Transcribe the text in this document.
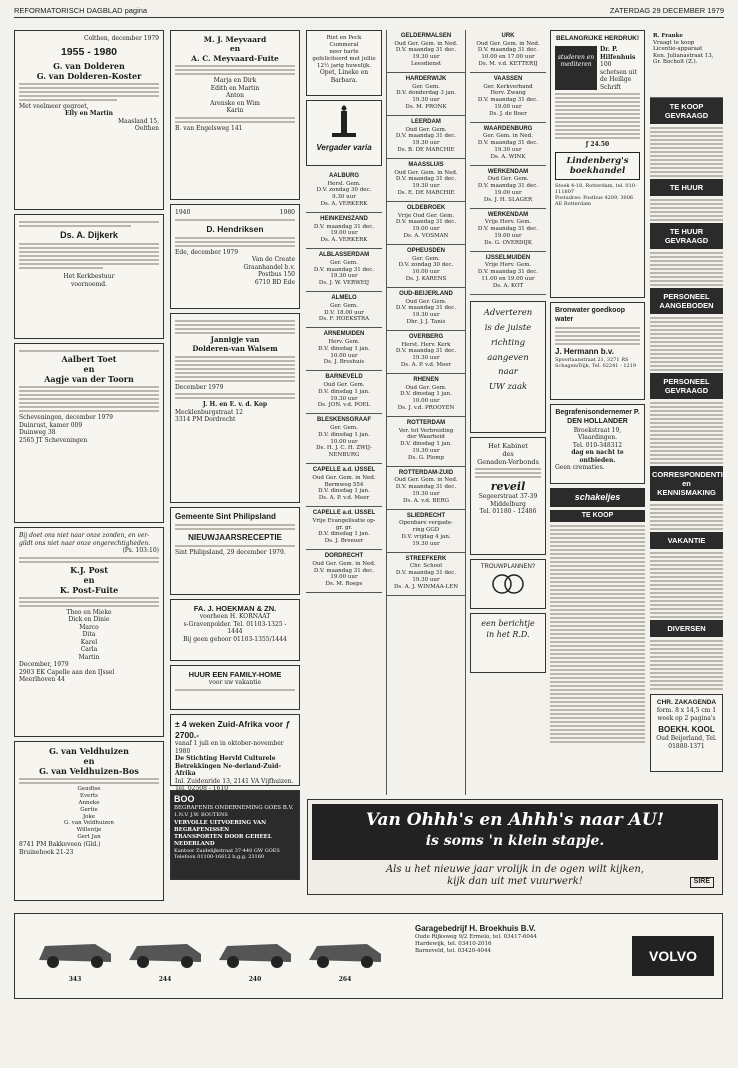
REFORMATORISCH DAGBLAD pagina	ZATERDAG 29 DECEMBER 1979
Colthen, december 1979
1955 - 1980
G. van Dolderen
G. van Dolderen-Koster
Met veelmeer gegroet,
Elly en Martin
Maasland 15,
Oolthen
Ds. A. Dijkerk
Het Kerkbestuur
voornoemd.
Aalbert Toet
en
Aagje van der Toorn
Scheveningen, december 1979
Duinrust, kamer 009
Duinweg 38
2565 JT Scheveningen
Bij doet ons niet naar onze zonden, en ver-gildt ons niet naar onze ongerechtigheden.
(Ps. 103:10)
K.J. Post
en
K. Post-Fuite
Theo en Mieke
Dick en Dinie
Marco
Dita
Karel
Carla
Martin
December, 1979
2903 EK Capelle aan den IJssel
Meerlhoven 44
G. van Veldhuizen
en
G. van Veldhuizen-Bos
Geudtse
Everts
Anneke
Gertie
Joke
G. van Veldhuizen
Willentje
Gert Jan
8741 PM Bakkeveen (Gld.)
Bruinehoek 21-23
M. J. Meyvaard
en
A. C. Meyvaard-Fuite
Marja en Dirk
Edith en Martin
Anton
Arenske en Wim
Karin
B. van Engelsweg 141
1940	1980
D. Hendriksen
Ede, december 1979
Van de Create
Graanhandel b.v.
Postbus 150
6710 BD Ede
Jannigje van
Dolderen-van Walsem
December 1979
J. H. en E. v. d. Kop
Mecklenburgstraat 12
3314 PM Dordrecht
Gemeente Sint Philipsland
NIEUWJAARSRECEPTIE
Sint Philipsland, 29 december 1979.
FA. J. HOEKMAN & ZN.
voorheen H. KORNAAT
s-Gravenpolder. Tel. 01103-1325 - 1444
Bij geen gehoor 01103-1355/1444
HUUR EEN FAMILY-HOME
voor uw vakantie
± 4 weken Zuid-Afrika voor ƒ 2700.-
vanaf 1 juli en in oktober-november 1980
De Stichting Hervld Culturele Betrekkingen Ne-derland-Zuid-Afrika
Inl. Zuidenride 13, 2141 VA Vijfhuizen. Tel. 02508 - 1610
BOO
BEGRAFENIS ONDERNEMING GOES B.V.
1.N.V. J.W. BOUTENS
VERVOLLE UITVOERING VAN BEGRAFENISSEN
TRANSPORTEN DOOR GEHEEL NEDERLAND
Kantoor Zuidelijkstraat 37-440 GW GOES
Telefoon 01100-16612 b.g.g. 23160
Riet en Peck
Cummeral
neer harte gefeliciteerd met jullie 12½ jarig huwelijk.
Opet, Lineke en Barbara.
Vergader varia
AALBURG
Hersl. Gem.
D.V. zondag 30 dec.
9.30 uur
Ds. A. VERKERK

HEINKENSZAND
D.V. maandag 31 dec.
19.00 uur
Ds. A. VERKERK

ALBLASSERDAM
Ger. Gem.
D.V. maandag 31 dec.
19.30 uur
Ds. J. W. VERWEIJ
ALMELO
Ger. Gem.
D.V. 18.00 uur
Ds. F. HOEKSTRA

ARNEMUIDEN
Herv. Gem.
D.V. dinsdag 1 jan.
10.00 uur
Ds. J. Broshuis
BARNEVELD
Oud Ger. Gem.
D.V. dinsdag 1 jan.
19.30 uur
Ds. JON. v.d. POEL
BLESKENSGRAAF
Ger. Gem.
D.V. dinsdag 1 jan.
10.00 uur
Ds. H. J. C. H. ZWIJ-NENBURG
CAPELLE a.d. IJSSEL
Oud Ger. Gem. in Ned.
Bermweg 554
D.V. dinsdag 1 jan.
Ds. A. P. v.d. Meer
CAPELLE a.d. IJSSEL
Vrije Evangelisatie op-
gr. gr.
D.V. dinsdag 1 jan.
Ds. J. Breeuer
DORDRECHT
Oud Ger. Gem. in Ned.
D.V. maandag 31 dec.
19.00 uur
Ds. M. Roeps
GELDERMALSEN
Oud Ger. Gem. in Ned.
D.V. maandag 31 dec.
19.30 uur
Leesdienst

HARDERWIJK
Ger. Gem.
D.V. donderdag 3 jan.
19.30 uur
Ds. M. PRONK
LEERDAM
Oud Ger. Gem.
D.V. maandag 31 dec.
19.30 uur
Ds. B. DE MARCHIE
MAASSLUIS
Oud Ger. Gem. in Ned.
D.V. maandag 31 dec.
19.30 uur
Ds. E. DE MARCHIE
OLDEBROEK
Vrije Oud Ger. Gem.
D.V. maandag 31 dec.
19.00 uur
Ds. A. VOSMAN
OPHEUSDEN
Ger. Gem.
D.V. zondag 30 dec.
10.00 uur
Ds. J. KARENS
OUD-BEIJERLAND
Oud Ger. Gem.
D.V. maandag 31 dec.
19.30 uur
Dhr. J. J. Tanis
OVERBERG
Herst. Herv. Kerk
D.V. maandag 31 dec.
19.30 uur
Ds. A. P. v.d. Meer
RHENEN
Oud Ger. Gem.
D.V. dinsdag 1 jan.
10.00 uur
Ds. J. v.d. PROOYEN
ROTTERDAM
Ver. tot Verbreiding
der Waarheid
D.V. dinsdag 1 jan.
19.30 uur
Ds. G. Plomp
ROTTERDAM-ZUID
Oud Ger. Gem. in Ned.
D.V. maandag 31 dec.
19.30 uur
Ds. A. v.d. BERG
SLIEDRECHT
Openbare vergade-
ring GGD
D.V. vrijdag 4 jan.
19.30 uur
STREEFKERK
Chr. School
D.V. maandag 31 dec.
19.30 uur
Ds. A. J. WINMAA-LEN
URK
Oud Ger. Gem. in Ned.
D.V. maandag 31 dec.
10.00 en 17.00 uur
Ds. M. v.d. KETTERIJ
VAASSEN
Ger. Kerkverband
Herv. Zwang
D.V. maandag 31 dec.
19.00 uur
Ds. J. de Boer
WAARDENBURG
Ger. Gem. in Ned.
D.V. maandag 31 dec.
19.30 uur
Ds. A. WINK
WERKENDAM
Oud Ger. Gem.
D.V. maandag 31 dec.
19.00 uur
Ds. J. H. SLAGER
WERKENDAM
Vrije Herv. Gem.
D.V. maandag 31 dec.
19.00 uur
Ds. G. OVERDIJK
IJSSELMUIDEN
Vrije Herv. Gem.
D.V. maandag 31 dec.
11.00 en 19.00 uur
Ds. A. KOT
Adverteren
is de juiste
richting
aangeven
naar
UW zaak
Het Kabinet
des
Genaden-Verbonds
reveil
Segeerstraat 37-39
Middelburg
Tel. 01180 - 12486
TROUWPLANNEN?
een berichtje
in het R.D.
BELANGRIJKE HERDRUK!
studeren en mediteren
Dr. P. Hilfenhuis
100 schetsen uit de Heilige Schrift
ƒ 24.50
Lindenberg's boekhandel
Stoek 4-18, Rotterdam, tel. 010-111807
Postadres: Postbus 4209, 3006 AE Rotterdam
Bronwater goedkoop water
J. Hermann b.v.
Spoorlaanstraat 21, 3271 RS
Schagen/Dijk, Tel. 02241 - 1219
Begrafenisondernemer P. DEN HOLLANDER
Broekstraat 19, Vlaardingen.
Tel. 010-348312
dag en nacht te ontbieden.
Geen crematies.
schakeljes
TE KOOP
R. Franke
Vraagt te koop
Licentie-apparaat
Ken. Julianastraat 13,
Gr. Bocholt (Z.).
TE KOOP GEVRAAGD
TE HUUR
TE HUUR GEVRAAGD
PERSONEEL AANGEBODEN
PERSONEEL GEVRAAGD
CORRESPONDENTIE en KENNISMAKING
VAKANTIE
DIVERSEN
CHR. ZAKAGENDA
form. 8 x 14,5 cm 1 week op 2 pagina's
BOEKH. KOOL
Oud Beijerland, Tel. 01880-1371
Van Ohhh's en Ahhh's naar AU!
is soms 'n klein stapje.
Als u het nieuwe jaar vrolijk in de ogen wilt kijken,
kijk dan uit met vuurwerk!	SIRE
343	244	240	264
Garagebedrijf H. Broekhuis B.V.
Oude Rijksweg 9/2 Ermelo, tel. 03417-6044
Hardewijk, tel. 03410-2016
Barneveld, tel. 03420-4044	VOLVO
